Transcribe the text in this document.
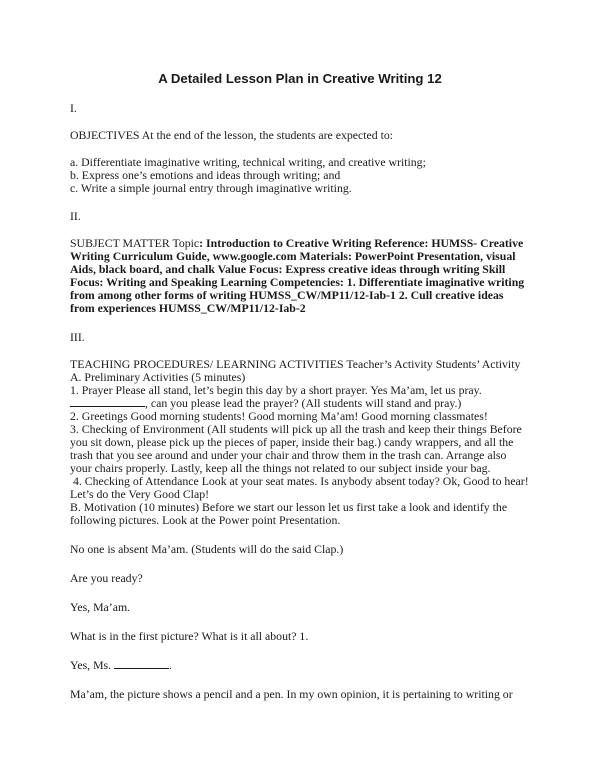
A Detailed Lesson Plan in Creative Writing 12
I.
OBJECTIVES At the end of the lesson, the students are expected to:
a. Differentiate imaginative writing, technical writing, and creative writing;
b. Express one’s emotions and ideas through writing; and
c. Write a simple journal entry through imaginative writing.
II.
SUBJECT MATTER Topic: Introduction to Creative Writing Reference: HUMSS- Creative
Writing Curriculum Guide, www.google.com Materials: PowerPoint Presentation, visual
Aids, black board, and chalk Value Focus: Express creative ideas through writing Skill
Focus: Writing and Speaking Learning Competencies: 1. Differentiate imaginative writing
from among other forms of writing HUMSS_CW/MP11/12-Iab-1 2. Cull creative ideas
from experiences HUMSS_CW/MP11/12-Iab-2
III.
TEACHING PROCEDURES/ LEARNING ACTIVITIES Teacher’s Activity Students’ Activity
A. Preliminary Activities (5 minutes)
1. Prayer Please all stand, let’s begin this day by a short prayer. Yes Ma’am, let us pray.
, can you please lead the prayer? (All students will stand and pray.)
2. Greetings Good morning students! Good morning Ma’am! Good morning classmates!
3. Checking of Environment (All students will pick up all the trash and keep their things Before
you sit down, please pick up the pieces of paper, inside their bag.) candy wrappers, and all the
trash that you see around and under your chair and throw them in the trash can. Arrange also
your chairs properly. Lastly, keep all the things not related to our subject inside your bag.
4. Checking of Attendance Look at your seat mates. Is anybody absent today? Ok, Good to hear!
Let’s do the Very Good Clap!
B. Motivation (10 minutes) Before we start our lesson let us first take a look and identify the
following pictures. Look at the Power point Presentation.
No one is absent Ma’am. (Students will do the said Clap.)
Are you ready?
Yes, Ma’am.
What is in the first picture? What is it all about? 1.
Yes, Ms.	.
Ma’am, the picture shows a pencil and a pen. In my own opinion, it is pertaining to writing or
